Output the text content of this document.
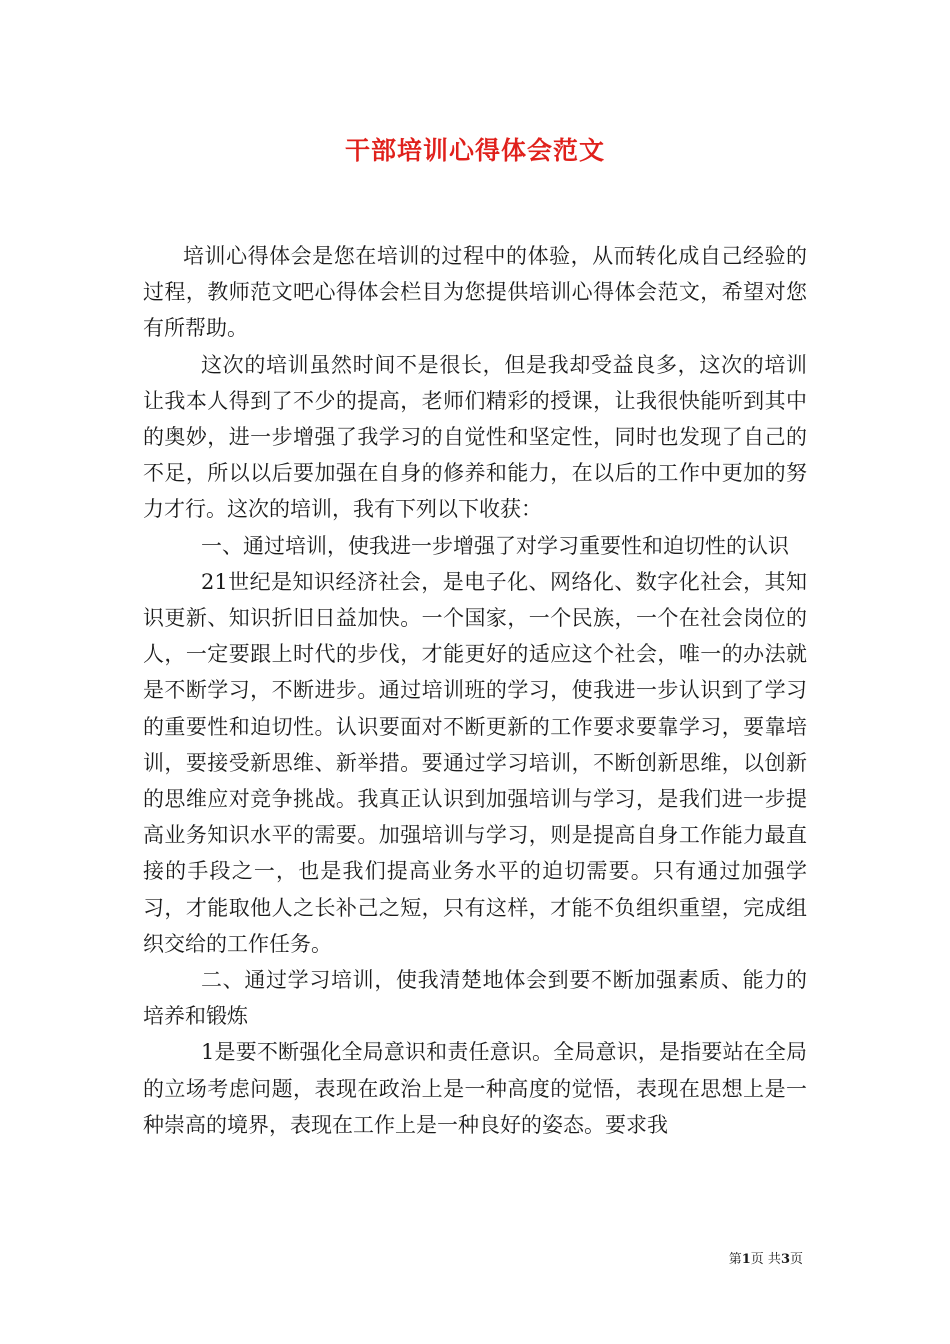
干部培训心得体会范文

培训心得体会是您在培训的过程中的体验，从而转化成自己经验的过程，教师范文吧心得体会栏目为您提供培训心得体会范文，希望对您有所帮助。

这次的培训虽然时间不是很长，但是我却受益良多，这次的培训让我本人得到了不少的提高，老师们精彩的授课，让我很快能听到其中的奥妙，进一步增强了我学习的自觉性和坚定性，同时也发现了自己的不足，所以以后要加强在自身的修养和能力，在以后的工作中更加的努力才行。这次的培训，我有下列以下收获：

一、通过培训，使我进一步增强了对学习重要性和迫切性的认识

21世纪是知识经济社会，是电子化、网络化、数字化社会，其知识更新、知识折旧日益加快。一个国家，一个民族，一个在社会岗位的人，一定要跟上时代的步伐，才能更好的适应这个社会，唯一的办法就是不断学习，不断进步。通过培训班的学习，使我进一步认识到了学习的重要性和迫切性。认识要面对不断更新的工作要求要靠学习，要靠培训，要接受新思维、新举措。要通过学习培训，不断创新思维，以创新的思维应对竞争挑战。我真正认识到加强培训与学习，是我们进一步提高业务知识水平的需要。加强培训与学习，则是提高自身工作能力最直接的手段之一，也是我们提高业务水平的迫切需要。只有通过加强学习，才能取他人之长补己之短，只有这样，才能不负组织重望，完成组织交给的工作任务。

二、通过学习培训，使我清楚地体会到要不断加强素质、能力的培养和锻炼

1是要不断强化全局意识和责任意识。全局意识，是指要站在全局的立场考虑问题，表现在政治上是一种高度的觉悟，表现在思想上是一种崇高的境界，表现在工作上是一种良好的姿态。要求我

第1页 共3页
